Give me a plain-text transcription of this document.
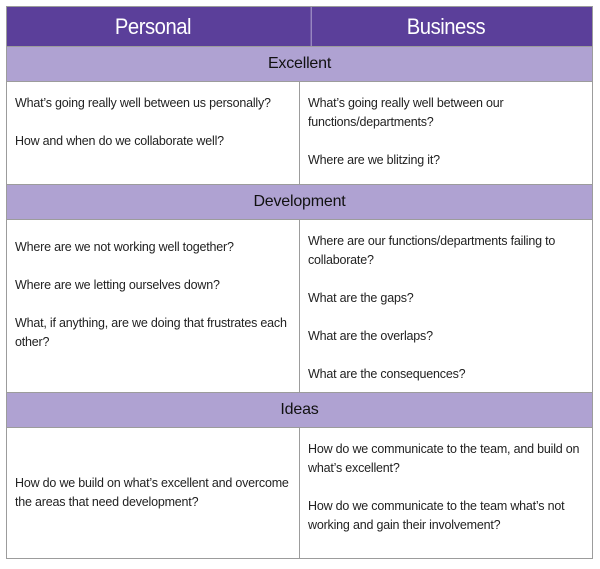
Personal	Business
Excellent

What’s going really well between us personally?

How and when do we collaborate well?

What’s going really well between our functions/departments?

Where are we blitzing it?

Development

Where are we not working well together?

Where are we letting ourselves down?

What, if anything, are we doing that frustrates each other?

Where are our functions/departments failing to collaborate?

What are the gaps?

What are the overlaps?

What are the consequences?

Ideas

How do we build on what’s excellent and overcome the areas that need development?

How do we communicate to the team, and build on what’s excellent?

How do we communicate to the team what’s not working and gain their involvement?
